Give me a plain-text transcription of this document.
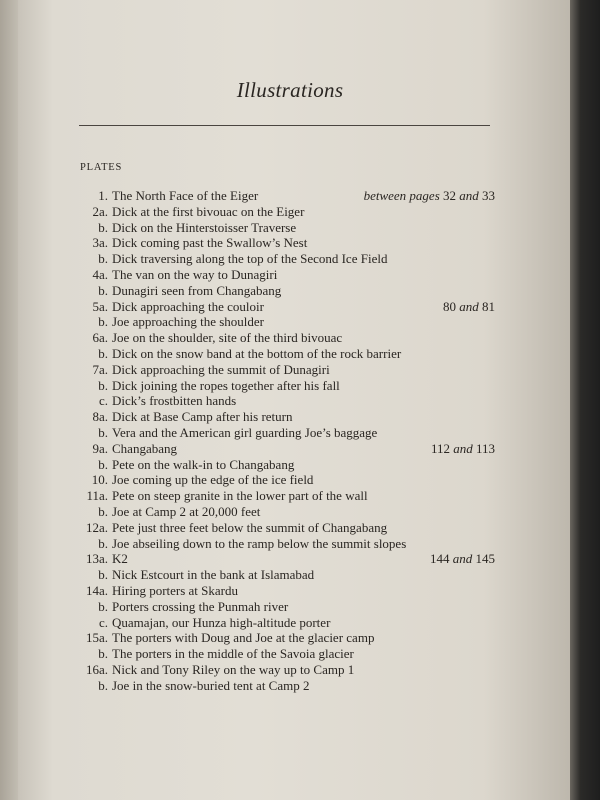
Illustrations
PLATES
1. The North Face of the Eiger	between pages 32 and 33
2a. Dick at the first bivouac on the Eiger
b. Dick on the Hinterstoisser Traverse
3a. Dick coming past the Swallow’s Nest
b. Dick traversing along the top of the Second Ice Field
4a. The van on the way to Dunagiri
b. Dunagiri seen from Changabang
5a. Dick approaching the couloir	80 and 81
b. Joe approaching the shoulder
6a. Joe on the shoulder, site of the third bivouac
b. Dick on the snow band at the bottom of the rock barrier
7a. Dick approaching the summit of Dunagiri
b. Dick joining the ropes together after his fall
c. Dick’s frostbitten hands
8a. Dick at Base Camp after his return
b. Vera and the American girl guarding Joe’s baggage
9a. Changabang	112 and 113
b. Pete on the walk-in to Changabang
10. Joe coming up the edge of the ice field
11a. Pete on steep granite in the lower part of the wall
b. Joe at Camp 2 at 20,000 feet
12a. Pete just three feet below the summit of Changabang
b. Joe abseiling down to the ramp below the summit slopes
13a. K2	144 and 145
b. Nick Estcourt in the bank at Islamabad
14a. Hiring porters at Skardu
b. Porters crossing the Punmah river
c. Quamajan, our Hunza high-altitude porter
15a. The porters with Doug and Joe at the glacier camp
b. The porters in the middle of the Savoia glacier
16a. Nick and Tony Riley on the way up to Camp 1
b. Joe in the snow-buried tent at Camp 2
